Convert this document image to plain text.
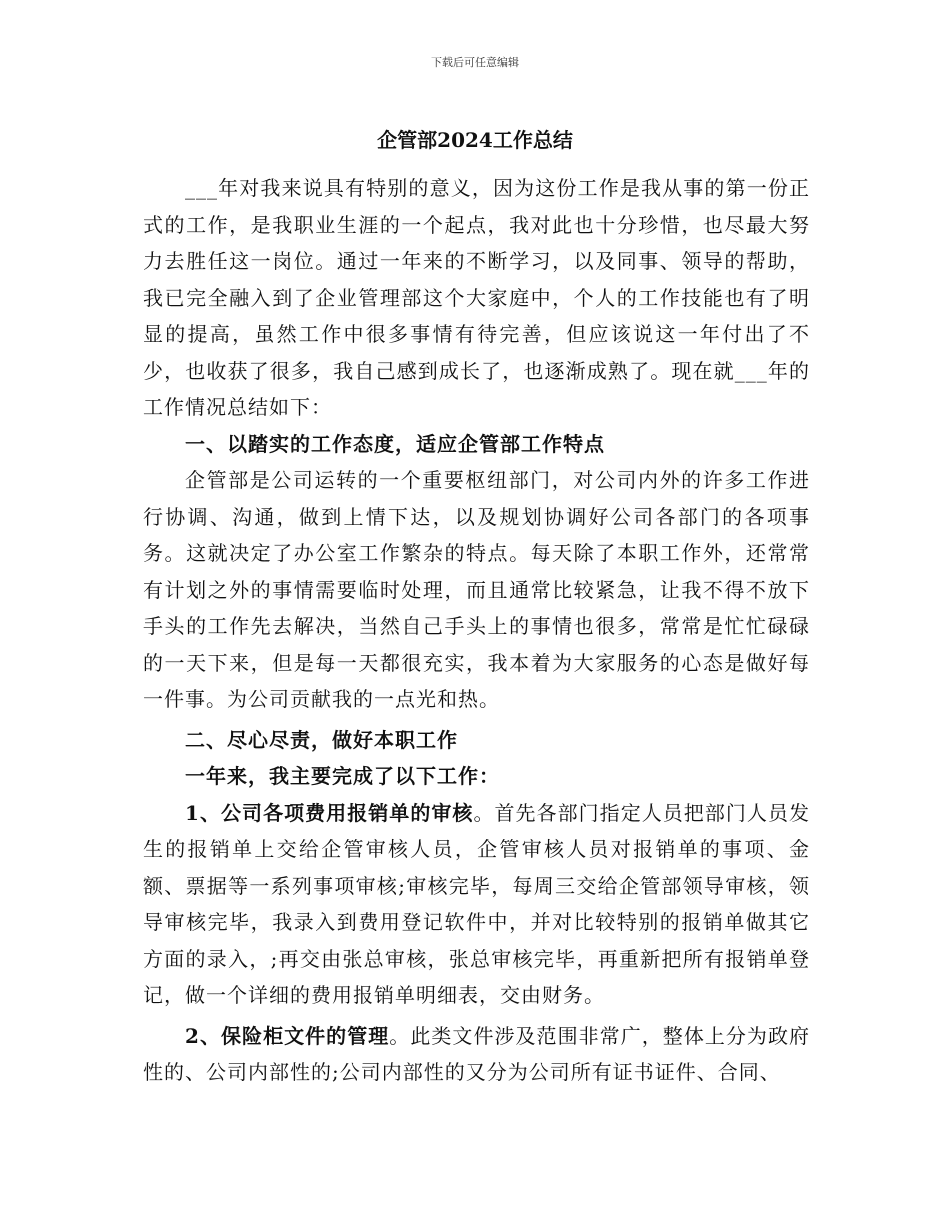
下载后可任意编辑
企管部2024工作总结

___年对我来说具有特别的意义，因为这份工作是我从事的第一份正式的工作，是我职业生涯的一个起点，我对此也十分珍惜，也尽最大努力去胜任这一岗位。通过一年来的不断学习，以及同事、领导的帮助，我已完全融入到了企业管理部这个大家庭中，个人的工作技能也有了明显的提高，虽然工作中很多事情有待完善，但应该说这一年付出了不少，也收获了很多，我自己感到成长了，也逐渐成熟了。现在就___年的工作情况总结如下：

一、以踏实的工作态度，适应企管部工作特点

企管部是公司运转的一个重要枢纽部门，对公司内外的许多工作进行协调、沟通，做到上情下达，以及规划协调好公司各部门的各项事务。这就决定了办公室工作繁杂的特点。每天除了本职工作外，还常常有计划之外的事情需要临时处理，而且通常比较紧急，让我不得不放下手头的工作先去解决，当然自己手头上的事情也很多，常常是忙忙碌碌的一天下来，但是每一天都很充实，我本着为大家服务的心态是做好每一件事。为公司贡献我的一点光和热。

二、尽心尽责，做好本职工作

一年来，我主要完成了以下工作：

1、公司各项费用报销单的审核。首先各部门指定人员把部门人员发生的报销单上交给企管审核人员，企管审核人员对报销单的事项、金额、票据等一系列事项审核;审核完毕，每周三交给企管部领导审核，领导审核完毕，我录入到费用登记软件中，并对比较特别的报销单做其它方面的录入，;再交由张总审核，张总审核完毕，再重新把所有报销单登记，做一个详细的费用报销单明细表，交由财务。

2、保险柜文件的管理。此类文件涉及范围非常广，整体上分为政府性的、公司内部性的;公司内部性的又分为公司所有证书证件、合同、
